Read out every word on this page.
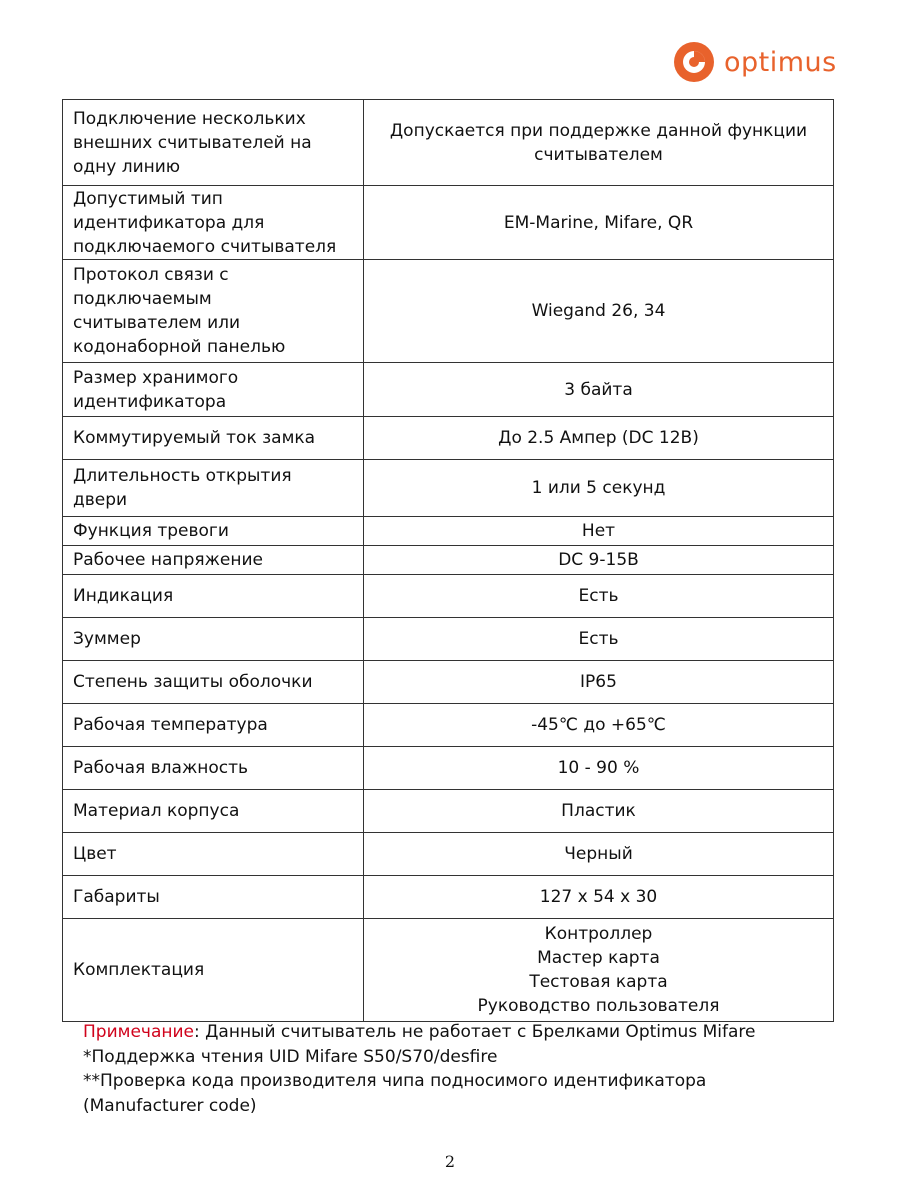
optimus
Подключение нескольких
внешних считывателей на
одну линию	Допускается при поддержке данной функции
считывателем

Допустимый тип
идентификатора для
подключаемого считывателя	EM-Marine, Mifare, QR

Протокол связи с
подключаемым
считывателем или
кодонаборной панелью	Wiegand 26, 34

Размер хранимого
идентификатора	3 байта

Коммутируемый ток замка	До 2.5 Ампер (DC 12В)

Длительность открытия
двери	1 или 5 секунд

Функция тревоги	Нет

Рабочее напряжение	DC 9-15В

Индикация	Есть

Зуммер	Есть

Степень защиты оболочки	IP65

Рабочая температура	-45℃ до +65℃

Рабочая влажность	10 - 90 %

Материал корпуса	Пластик

Цвет	Черный

Габариты	127 х 54 х 30

Комплектация	Контроллер
Мастер карта
Тестовая карта
Руководство пользователя
Примечание: Данный считыватель не работает с Брелками Optimus Mifare
*Поддержка чтения UID Mifare S50/S70/desfire
**Проверка кода производителя чипа подносимого идентификатора
(Manufacturer code)
2
